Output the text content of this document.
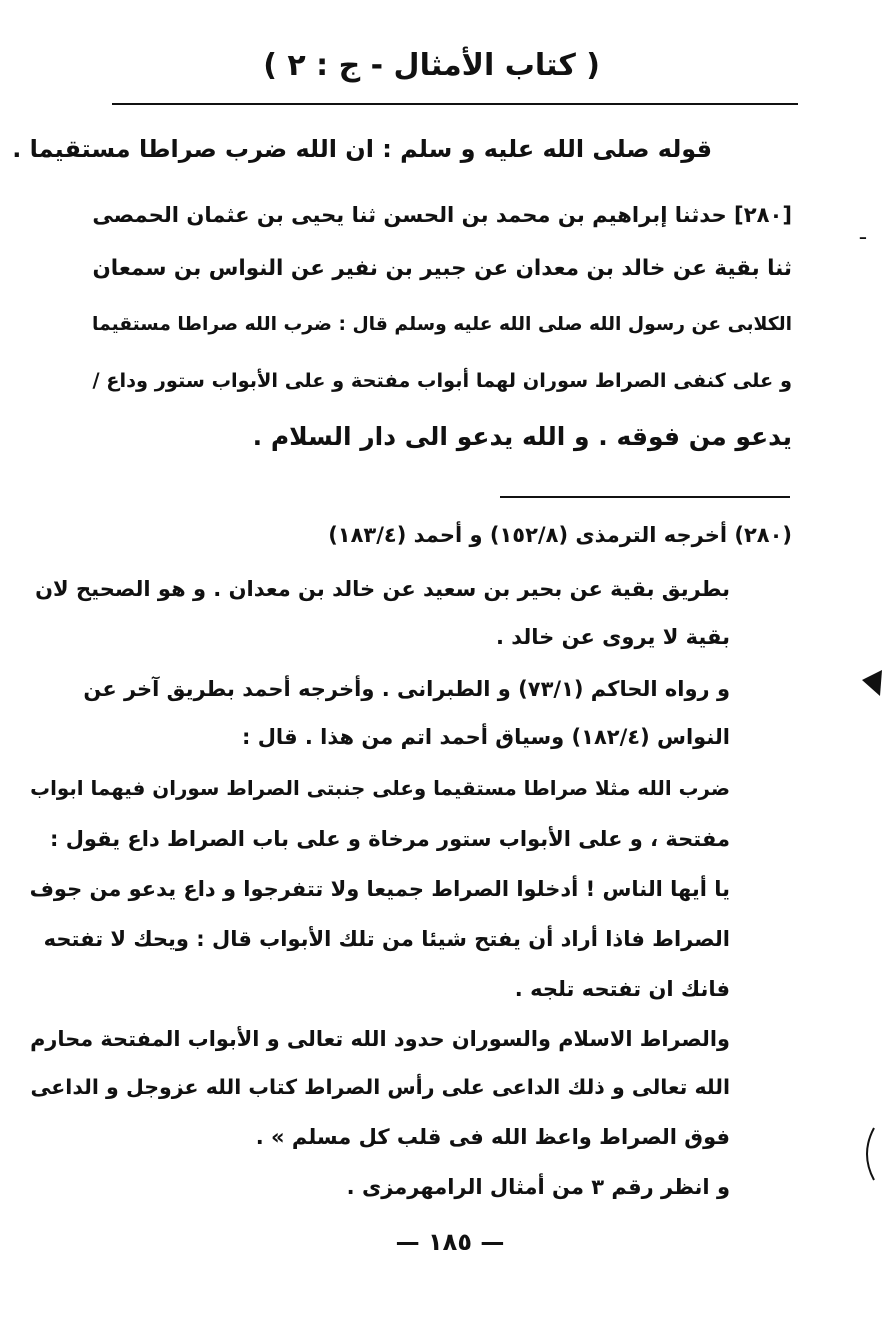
( كتاب الأمثال - ج : ٢ )
قوله صلى الله عليه و سلم : ان الله ضرب صراطا مستقيما .
[٢٨٠] حدثنا إبراهيم بن محمد بن الحسن ثنا يحيى بن عثمان الحمصى
ثنا بقية عن خالد بن معدان عن جبير بن نفير عن النواس بن سمعان
الكلابى عن رسول الله صلى الله عليه وسلم قال : ضرب الله صراطا مستقيما
و على كنفى الصراط سوران لهما أبواب مفتحة و على الأبواب ستور وداع /
يدعو من فوقه . و الله يدعو الى دار السلام .
(٢٨٠) أخرجه الترمذى (١٥٢/٨) و أحمد (١٨٣/٤)
بطريق بقية عن بحير بن سعيد عن خالد بن معدان . و هو الصحيح لان
بقية لا يروى عن خالد .
و رواه الحاكم (٧٣/١) و الطبرانى . وأخرجه أحمد بطريق آخر عن
النواس (١٨٢/٤) وسياق أحمد اتم من هذا . قال :
ضرب الله مثلا صراطا مستقيما وعلى جنبتى الصراط سوران فيهما ابواب
مفتحة ، و على الأبواب ستور مرخاة و على باب الصراط داع يقول :
يا أيها الناس ! أدخلوا الصراط جميعا ولا تتفرجوا و داع يدعو من جوف
الصراط فاذا أراد أن يفتح شيئا من تلك الأبواب قال : ويحك لا تفتحه
فانك ان تفتحه تلجه .
والصراط الاسلام والسوران حدود الله تعالى و الأبواب المفتحة محارم
الله تعالى و ذلك الداعى على رأس الصراط كتاب الله عزوجل و الداعى
فوق الصراط واعظ الله فى قلب كل مسلم » .
و انظر رقم ٣ من أمثال الرامهرمزى .
— ١٨٥ —
ـ
